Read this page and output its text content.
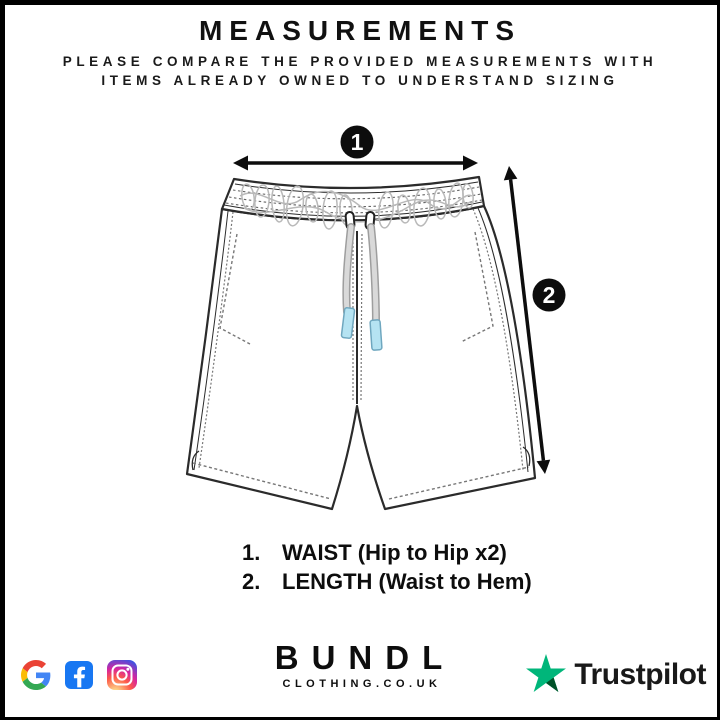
MEASUREMENTS
PLEASE COMPARE THE PROVIDED MEASUREMENTS WITH
ITEMS ALREADY OWNED TO UNDERSTAND SIZING
1
2
1. WAIST (Hip to Hip x2)
2. LENGTH (Waist to Hem)
BUNDL
CLOTHING.CO.UK	Trustpilot
